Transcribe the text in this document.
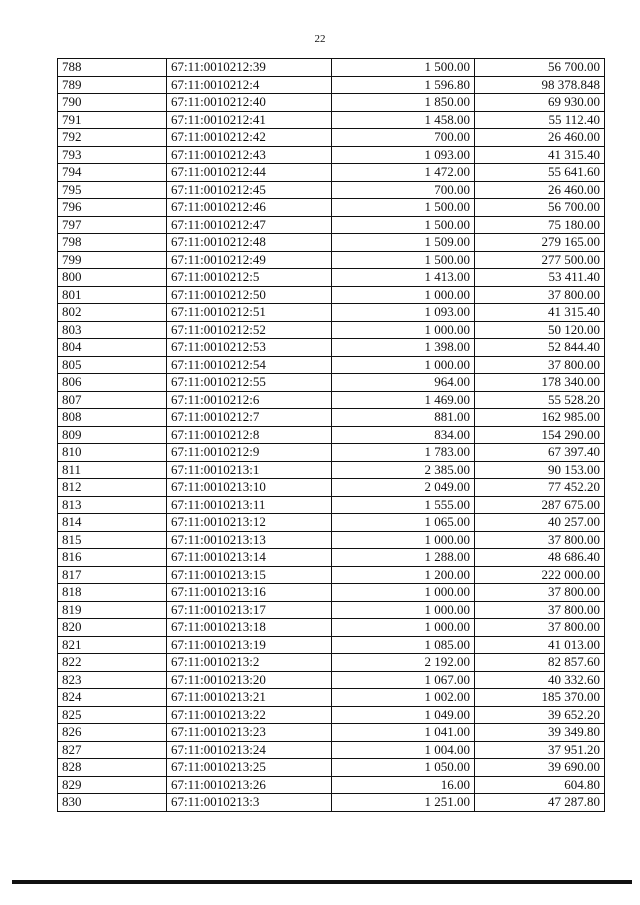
22
788	67:11:0010212:39	1 500.00	56 700.00
789	67:11:0010212:4	1 596.80	98 378.848
790	67:11:0010212:40	1 850.00	69 930.00
791	67:11:0010212:41	1 458.00	55 112.40
792	67:11:0010212:42	700.00	26 460.00
793	67:11:0010212:43	1 093.00	41 315.40
794	67:11:0010212:44	1 472.00	55 641.60
795	67:11:0010212:45	700.00	26 460.00
796	67:11:0010212:46	1 500.00	56 700.00
797	67:11:0010212:47	1 500.00	75 180.00
798	67:11:0010212:48	1 509.00	279 165.00
799	67:11:0010212:49	1 500.00	277 500.00
800	67:11:0010212:5	1 413.00	53 411.40
801	67:11:0010212:50	1 000.00	37 800.00
802	67:11:0010212:51	1 093.00	41 315.40
803	67:11:0010212:52	1 000.00	50 120.00
804	67:11:0010212:53	1 398.00	52 844.40
805	67:11:0010212:54	1 000.00	37 800.00
806	67:11:0010212:55	964.00	178 340.00
807	67:11:0010212:6	1 469.00	55 528.20
808	67:11:0010212:7	881.00	162 985.00
809	67:11:0010212:8	834.00	154 290.00
810	67:11:0010212:9	1 783.00	67 397.40
811	67:11:0010213:1	2 385.00	90 153.00
812	67:11:0010213:10	2 049.00	77 452.20
813	67:11:0010213:11	1 555.00	287 675.00
814	67:11:0010213:12	1 065.00	40 257.00
815	67:11:0010213:13	1 000.00	37 800.00
816	67:11:0010213:14	1 288.00	48 686.40
817	67:11:0010213:15	1 200.00	222 000.00
818	67:11:0010213:16	1 000.00	37 800.00
819	67:11:0010213:17	1 000.00	37 800.00
820	67:11:0010213:18	1 000.00	37 800.00
821	67:11:0010213:19	1 085.00	41 013.00
822	67:11:0010213:2	2 192.00	82 857.60
823	67:11:0010213:20	1 067.00	40 332.60
824	67:11:0010213:21	1 002.00	185 370.00
825	67:11:0010213:22	1 049.00	39 652.20
826	67:11:0010213:23	1 041.00	39 349.80
827	67:11:0010213:24	1 004.00	37 951.20
828	67:11:0010213:25	1 050.00	39 690.00
829	67:11:0010213:26	16.00	604.80
830	67:11:0010213:3	1 251.00	47 287.80
